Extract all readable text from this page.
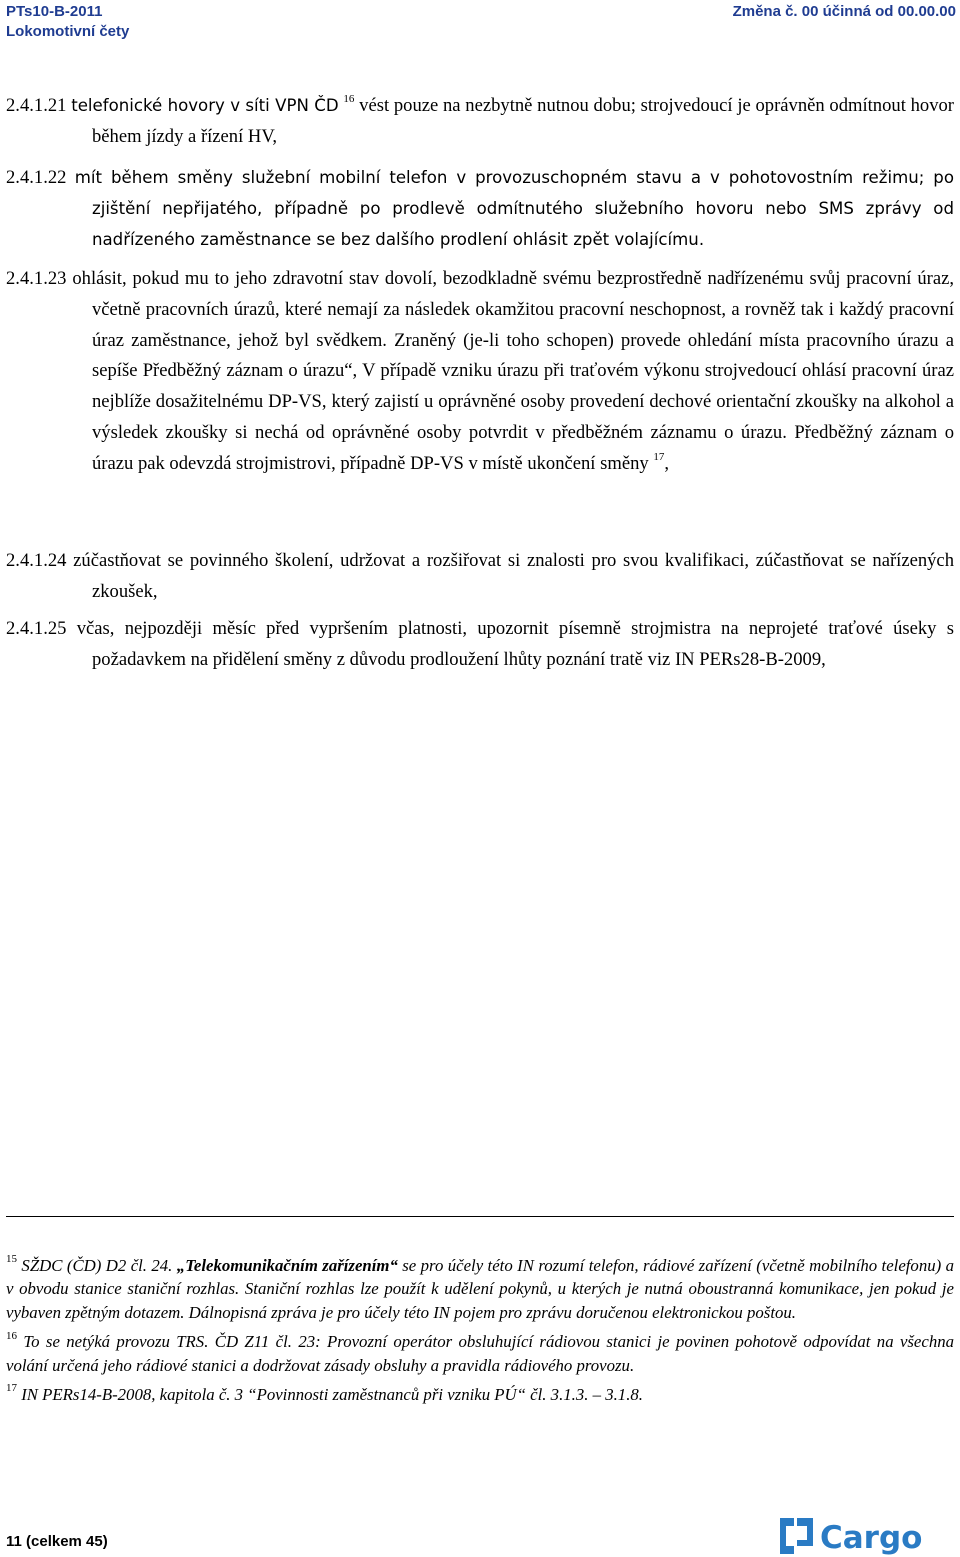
PTs10-B-2011
Lokomotivní čety
Změna č. 00 účinná od 00.00.00

2.4.1.21 telefonické hovory v síti VPN ČD $^{16}$ vést pouze na nezbytně nutnou dobu; strojvedoucí je oprávněn odmítnout hovor během jízdy a řízení HV,

2.4.1.22 mít během směny služební mobilní telefon v provozuschopném stavu a v pohotovostním režimu; po zjištění nepřijatého, případně po prodlevě odmítnutého služebního hovoru nebo SMS zprávy od nadřízeného zaměstnance se bez dalšího prodlení ohlásit zpět volajícímu.

2.4.1.23 ohlásit, pokud mu to jeho zdravotní stav dovolí, bezodkladně svému bezprostředně nadřízenému svůj pracovní úraz, včetně pracovních úrazů, které nemají za následek okamžitou pracovní neschopnost, a rovněž tak i každý pracovní úraz zaměstnance, jehož byl svědkem. Zraněný (je-li toho schopen) provede ohledání místa pracovního úrazu a sepíše Předběžný záznam o úrazu“, V případě vzniku úrazu při traťovém výkonu strojvedoucí ohlásí pracovní úraz nejblíže dosažitelnému DP-VS, který zajistí u oprávněné osoby provedení dechové orientační zkoušky na alkohol a výsledek zkoušky si nechá od oprávněné osoby potvrdit v předběžném záznamu o úrazu. Předběžný záznam o úrazu pak odevzdá strojmistrovi, případně DP-VS v místě ukončení směny $^{17}$,

2.4.1.24 zúčastňovat se povinného školení, udržovat a rozšiřovat si znalosti pro svou kvalifikaci, zúčastňovat se nařízených zkoušek,

2.4.1.25 včas, nejpozději měsíc před vypršením platnosti, upozornit písemně strojmistra na neprojeté traťové úseky s požadavkem na přidělení směny z důvodu prodloužení lhůty poznání tratě viz IN PERs28-B-2009,

$^{15}$ SŽDC (ČD) D2 čl. 24. „Telekomunikačním zařízením“ se pro účely této IN rozumí telefon, rádiové zařízení (včetně mobilního telefonu) a v obvodu stanice staniční rozhlas. Staniční rozhlas lze použít k udělení pokynů, u kterých je nutná oboustranná komunikace, jen pokud je vybaven zpětným dotazem. Dálnopisná zpráva je pro účely této IN pojem pro zprávu doručenou elektronickou poštou.

$^{16}$ To se netýká provozu TRS. ČD Z11 čl. 23: Provozní operátor obsluhující rádiovou stanici je povinen pohotově odpovídat na všechna volání určená jeho rádiové stanici a dodržovat zásady obsluhy a pravidla rádiového provozu.

$^{17}$ IN PERs14-B-2008, kapitola č. 3 “Povinnosti zaměstnanců při vzniku PÚ“ čl. 3.1.3. – 3.1.8.

11 (celkem 45)	Cargo
